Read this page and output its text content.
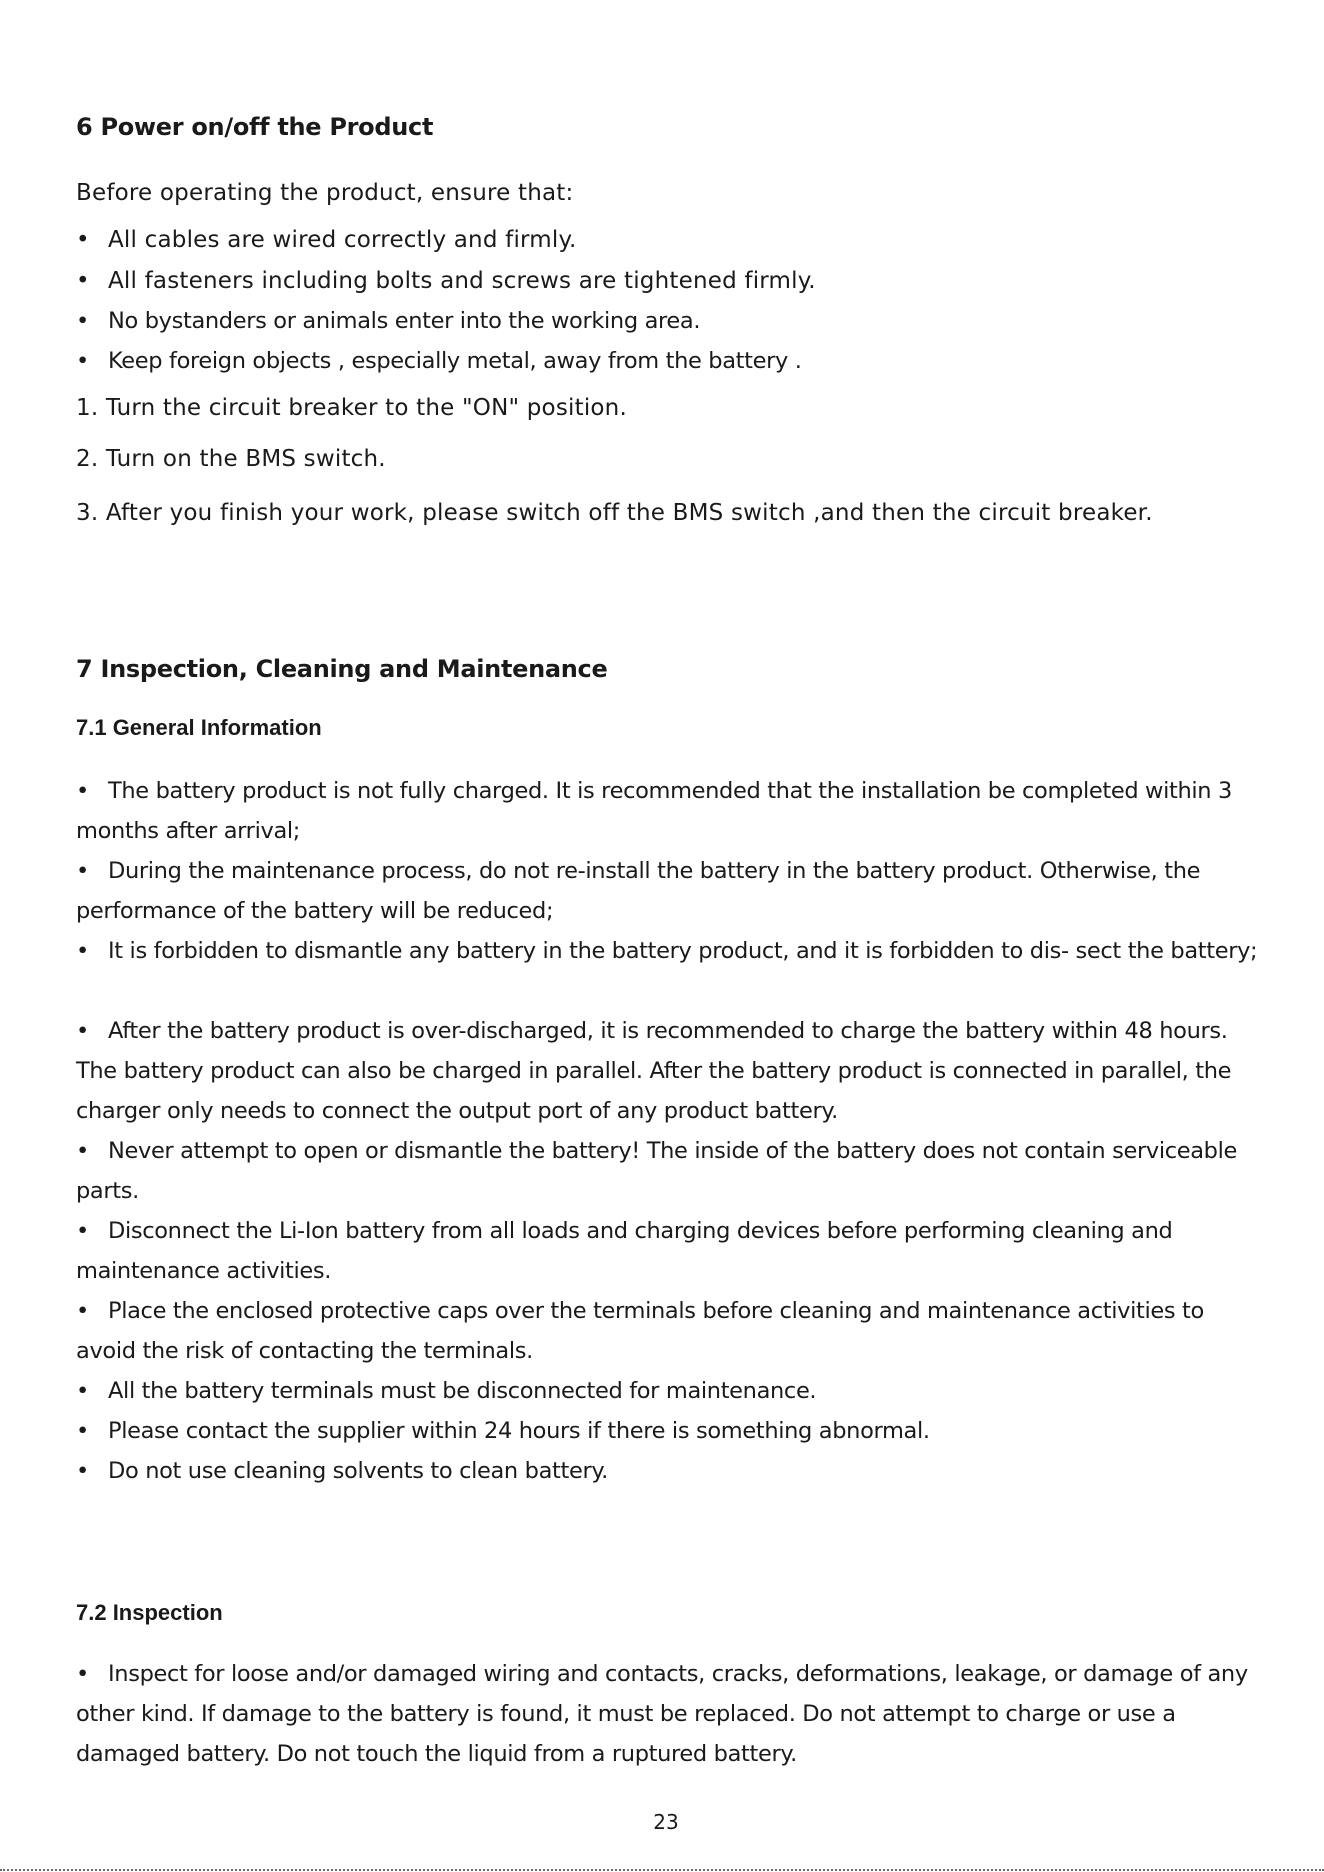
6 Power on/off the Product
Before operating the product, ensure that:
• All cables are wired correctly and firmly.
• All fasteners including bolts and screws are tightened firmly.
• No bystanders or animals enter into the working area.
• Keep foreign objects , especially metal, away from the battery .
1. Turn the circuit breaker to the "ON" position.
2. Turn on the BMS switch.
3. After you finish your work, please switch off the BMS switch ,and then the circuit breaker.
7 Inspection, Cleaning and Maintenance
7.1 General Information
• The battery product is not fully charged. It is recommended that the installation be completed within 3 months after arrival;
• During the maintenance process, do not re-install the battery in the battery product. Otherwise, the performance of the battery will be reduced;
• It is forbidden to dismantle any battery in the battery product, and it is forbidden to dis- sect the battery;
• After the battery product is over-discharged, it is recommended to charge the battery within 48 hours. The battery product can also be charged in parallel. After the battery product is connected in parallel, the charger only needs to connect the output port of any product battery.
• Never attempt to open or dismantle the battery! The inside of the battery does not contain serviceable parts.
• Disconnect the Li-Ion battery from all loads and charging devices before performing cleaning and maintenance activities.
• Place the enclosed protective caps over the terminals before cleaning and maintenance activities to avoid the risk of contacting the terminals.
• All the battery terminals must be disconnected for maintenance.
• Please contact the supplier within 24 hours if there is something abnormal.
• Do not use cleaning solvents to clean battery.
7.2 Inspection
• Inspect for loose and/or damaged wiring and contacts, cracks, deformations, leakage, or damage of any other kind. If damage to the battery is found, it must be replaced. Do not attempt to charge or use a damaged battery. Do not touch the liquid from a ruptured battery.
23
